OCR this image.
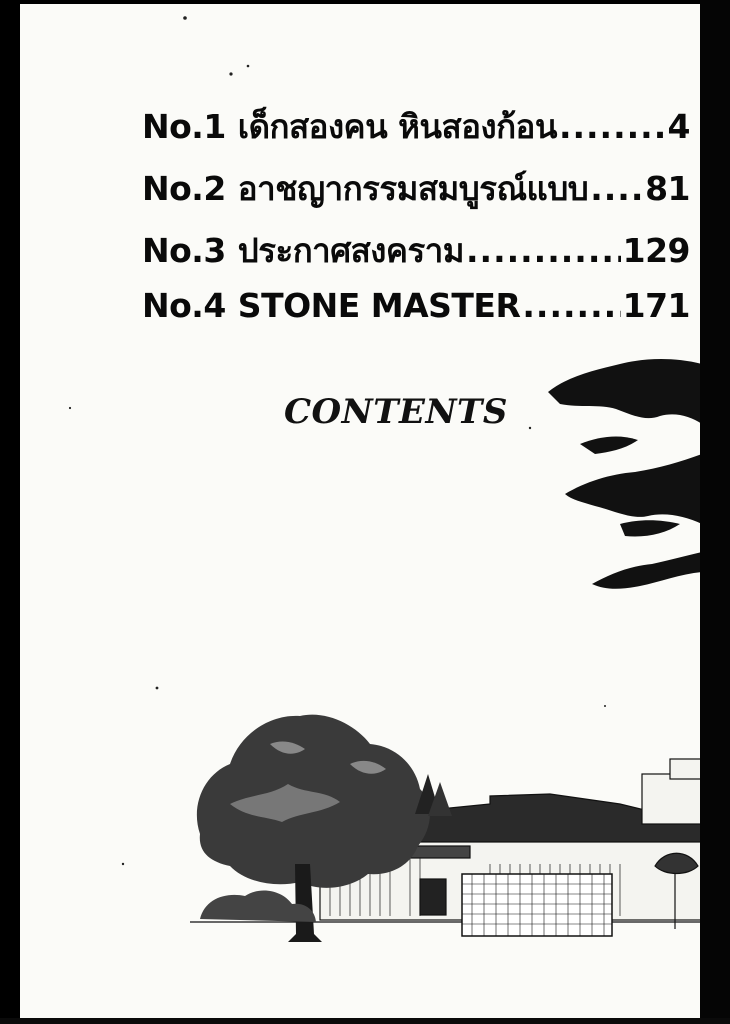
No.1 เด็กสองคน หินสองก้อน .....	4
No.2 อาชญากรรมสมบูรณ์แบบ ..... 81
No.3 ประกาศสงคราม .....	129
No.4 STONE MASTER .....	171
CONTENTS
